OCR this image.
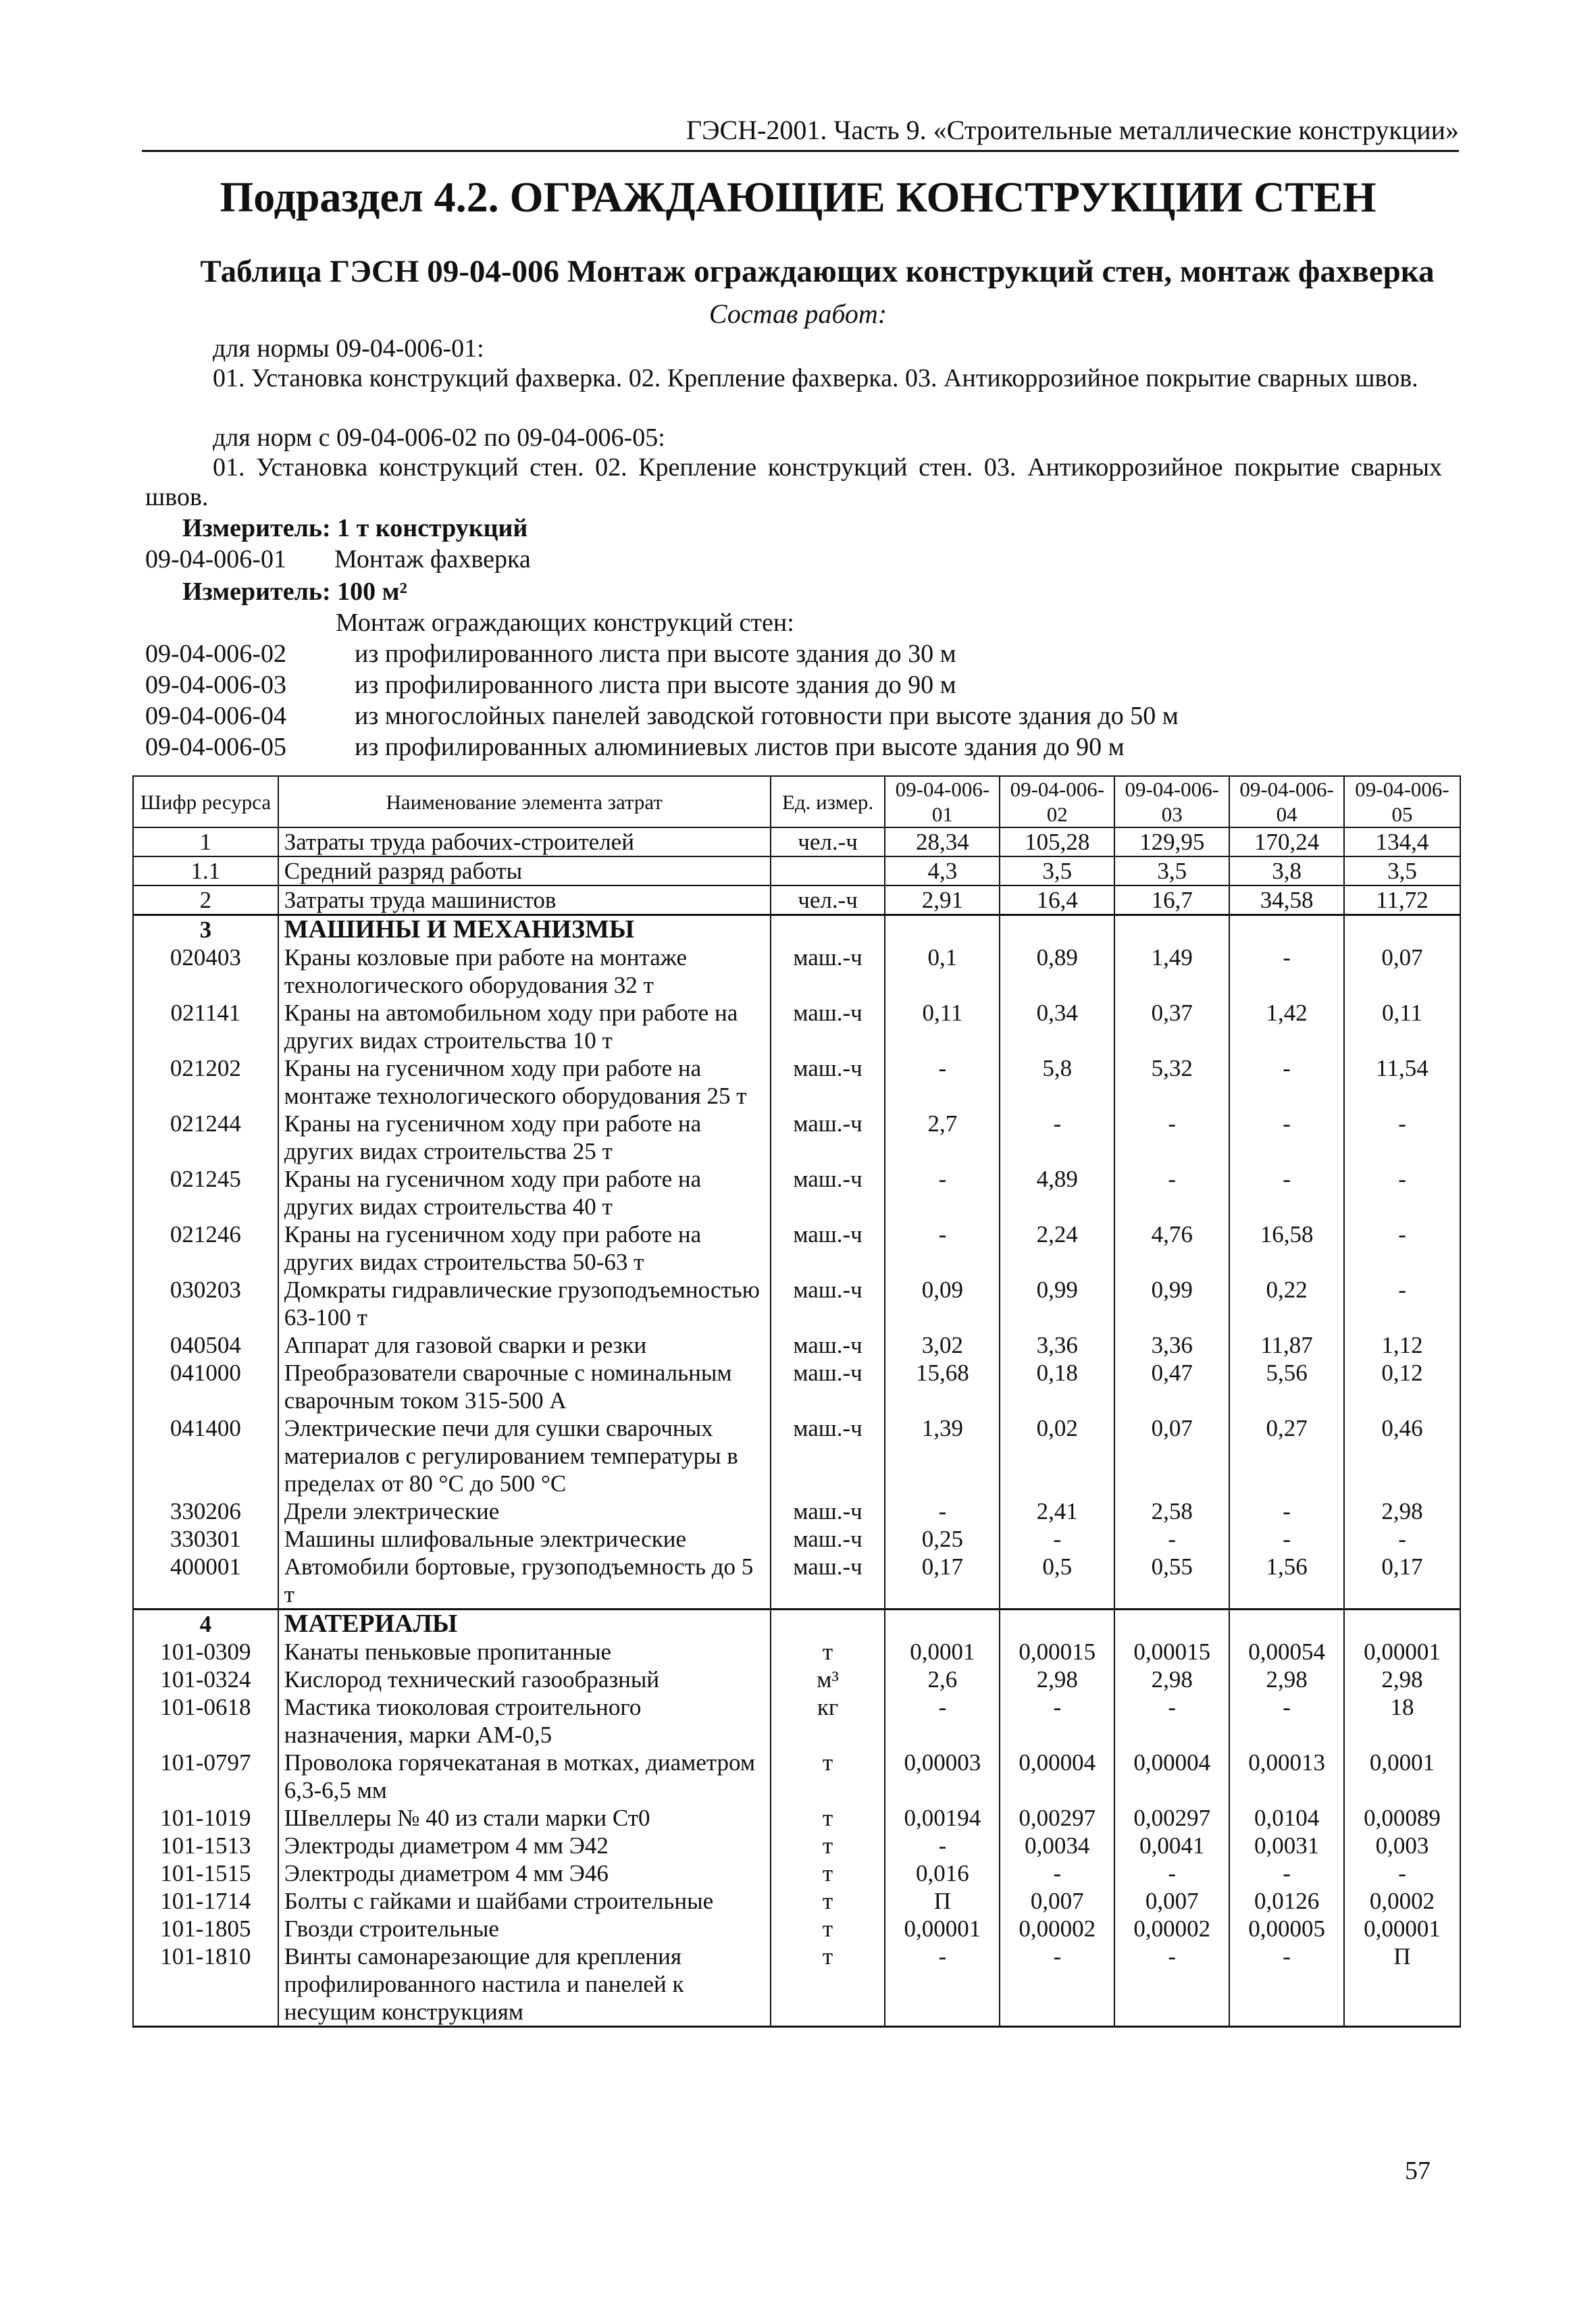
ГЭСН-2001. Часть 9. «Строительные металлические конструкции»
Подраздел 4.2. ОГРАЖДАЮЩИЕ КОНСТРУКЦИИ СТЕН
Таблица ГЭСН 09-04-006 Монтаж ограждающих конструкций стен, монтаж фахверка
Состав работ:
для нормы 09-04-006-01:
01. Установка конструкций фахверка. 02. Крепление фахверка. 03. Антикоррозийное покрытие сварных швов.
для норм с 09-04-006-02 по 09-04-006-05:
01. Установка конструкций стен. 02. Крепление конструкций стен. 03. Антикоррозийное покрытие сварных швов.
Измеритель: 1 т конструкций
09-04-006-01 Монтаж фахверка
Измеритель: 100 м²
Монтаж ограждающих конструкций стен:
09-04-006-02	из профилированного листа при высоте здания до 30 м
09-04-006-03	из профилированного листа при высоте здания до 90 м
09-04-006-04	из многослойных панелей заводской готовности при высоте здания до 50 м
09-04-006-05	из профилированных алюминиевых листов при высоте здания до 90 м
Шифр ресурса	Наименование элемента затрат	Ед. измер.	09-04-006-01	09-04-006-02	09-04-006-03	09-04-006-04	09-04-006-05
1	Затраты труда рабочих-строителей	чел.-ч	28,34	105,28	129,95	170,24	134,4
1.1	Средний разряд работы		4,3	3,5	3,5	3,8	3,5
2	Затраты труда машинистов	чел.-ч	2,91	16,4	16,7	34,58	11,72
3	МАШИНЫ И МЕХАНИЗМЫ						
020403	Краны козловые при работе на монтаже технологического оборудования 32 т	маш.-ч	0,1	0,89	1,49	-	0,07
021141	Краны на автомобильном ходу при работе на других видах строительства 10 т	маш.-ч	0,11	0,34	0,37	1,42	0,11
021202	Краны на гусеничном ходу при работе на монтаже технологического оборудования 25 т	маш.-ч	-	5,8	5,32	-	11,54
021244	Краны на гусеничном ходу при работе на других видах строительства 25 т	маш.-ч	2,7	-	-	-	-
021245	Краны на гусеничном ходу при работе на других видах строительства 40 т	маш.-ч	-	4,89	-	-	-
021246	Краны на гусеничном ходу при работе на других видах строительства 50-63 т	маш.-ч	-	2,24	4,76	16,58	-
030203	Домкраты гидравлические грузоподъемностью 63-100 т	маш.-ч	0,09	0,99	0,99	0,22	-
040504	Аппарат для газовой сварки и резки	маш.-ч	3,02	3,36	3,36	11,87	1,12
041000	Преобразователи сварочные с номинальным сварочным током 315-500 А	маш.-ч	15,68	0,18	0,47	5,56	0,12
041400	Электрические печи для сушки сварочных материалов с регулированием температуры в пределах от 80 °С до 500 °С	маш.-ч	1,39	0,02	0,07	0,27	0,46
330206	Дрели электрические	маш.-ч	-	2,41	2,58	-	2,98
330301	Машины шлифовальные электрические	маш.-ч	0,25	-	-	-	-
400001	Автомобили бортовые, грузоподъемность до 5 т	маш.-ч	0,17	0,5	0,55	1,56	0,17
4	МАТЕРИАЛЫ						
101-0309	Канаты пеньковые пропитанные	т	0,0001	0,00015	0,00015	0,00054	0,00001
101-0324	Кислород технический газообразный	м³	2,6	2,98	2,98	2,98	2,98
101-0618	Мастика тиоколовая строительного назначения, марки АМ-0,5	кг	-	-	-	-	18
101-0797	Проволока горячекатаная в мотках, диаметром 6,3-6,5 мм	т	0,00003	0,00004	0,00004	0,00013	0,0001
101-1019	Швеллеры № 40 из стали марки Ст0	т	0,00194	0,00297	0,00297	0,0104	0,00089
101-1513	Электроды диаметром 4 мм Э42	т	-	0,0034	0,0041	0,0031	0,003
101-1515	Электроды диаметром 4 мм Э46	т	0,016	-	-	-	-
101-1714	Болты с гайками и шайбами строительные	т	П	0,007	0,007	0,0126	0,0002
101-1805	Гвозди строительные	т	0,00001	0,00002	0,00002	0,00005	0,00001
101-1810	Винты самонарезающие для крепления профилированного настила и панелей к несущим конструкциям	т	-	-	-	-	П
57
